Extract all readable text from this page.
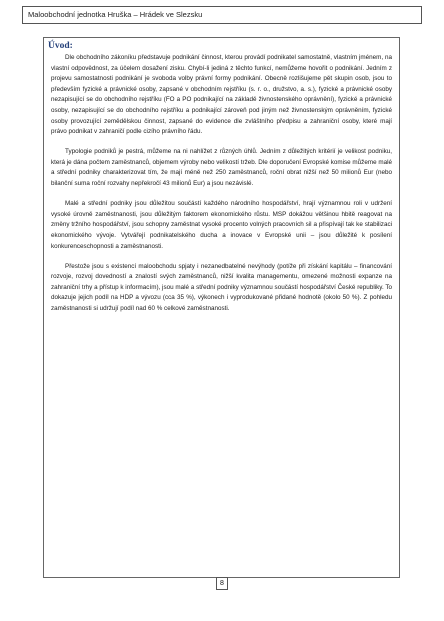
Maloobchodní jednotka Hruška – Hrádek ve Slezsku
Úvod:

Dle obchodního zákoníku představuje podnikání činnost, kterou provádí podnikatel samostatně, vlastním jménem, na vlastní odpovědnost, za účelem dosažení zisku. Chybí-li jediná z těchto funkcí, nemůžeme hovořit o podnikání. Jedním z projevu samostatnosti podnikání je svoboda volby právní formy podnikání. Obecně rozlišujeme pět skupin osob, jsou to především fyzické a právnické osoby, zapsané v obchodním rejstříku (s. r. o., družstvo, a. s.), fyzické a právnické osoby nezapisující se do obchodního rejstříku (FO a PO podnikající na základě živnostenského oprávnění), fyzické a právnické osoby, nezapisující se do obchodního rejstříku a podnikající zároveň pod jiným než živnostenským oprávněním, fyzické osoby provozující zemědělskou činnost, zapsané do evidence dle zvláštního předpisu a zahraniční osoby, které mají právo podnikat v zahraničí podle cizího právního řádu.

Typologie podniků je pestrá, můžeme na ni nahlížet z různých úhlů. Jedním z důležitých kritérií je velikost podniku, která je dána počtem zaměstnanců, objemem výroby nebo velikostí tržeb. Dle doporučení Evropské komise můžeme malé a střední podniky charakterizovat tím, že mají méně než 250 zaměstnanců, roční obrat nižší než 50 milionů Eur (nebo bilanční suma roční rozvahy nepřekročí 43 milionů Eur) a jsou nezávislé.

Malé a střední podniky jsou důležitou součástí každého národního hospodářství, hrají významnou roli v udržení vysoké úrovně zaměstnanosti, jsou důležitým faktorem ekonomického růstu. MSP dokážou většinou hbitě reagovat na změny tržního hospodářství, jsou schopny zaměstnat vysoké procento volných pracovních sil a přispívají tak ke stabilizaci ekonomického vývoje. Vytvářejí podnikatelského ducha a inovace v Evropské unii – jsou důležité k posílení konkurenceschopnosti a zaměstnanosti.

Přestože jsou s existencí maloobchodu spjaty i nezanedbatelné nevýhody (potíže při získání kapitálu – financování rozvoje, rozvoj dovedností a znalostí svých zaměstnanců, nižší kvalita managementu, omezené možnosti expanze na zahraniční trhy a přístup k informacím), jsou malé a střední podniky významnou součástí hospodářství České republiky. To dokazuje jejich podíl na HDP a vývozu (cca 35 %), výkonech i vyprodukované přidané hodnotě (okolo 50 %). Z pohledu zaměstnanosti si udržují podíl nad 60 % celkové zaměstnanosti.

8
